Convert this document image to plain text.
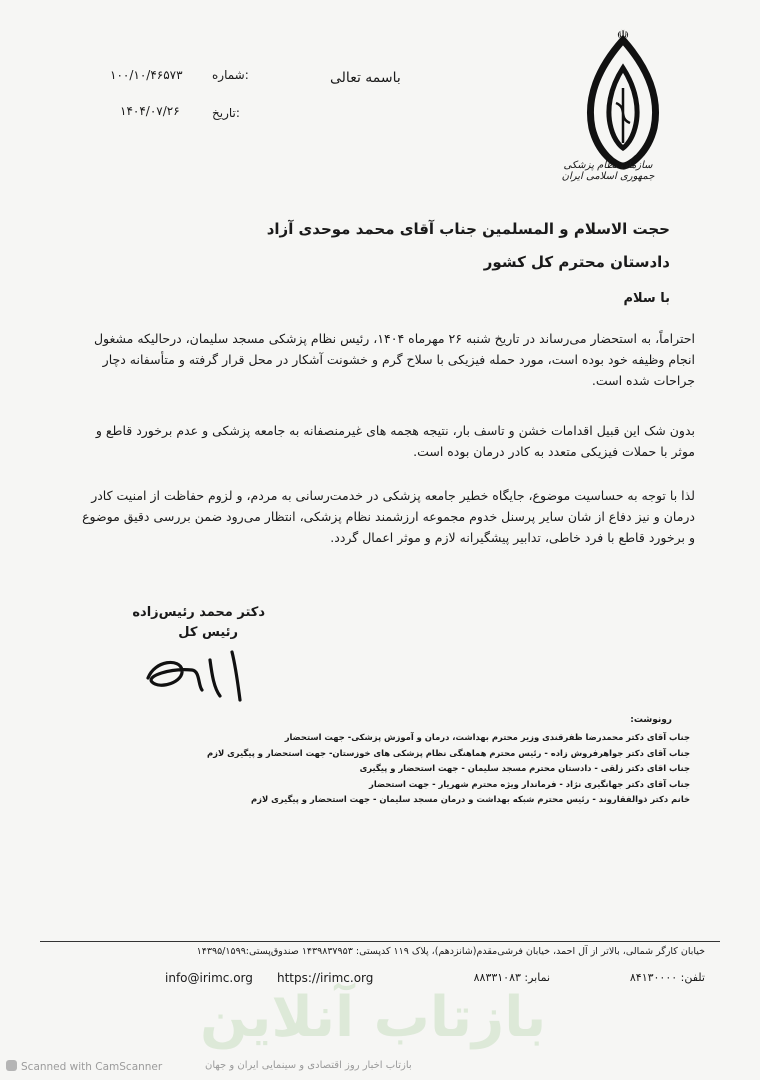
☫
سازمان نظام پزشکی جمهوری اسلامی ایران
باسمه تعالی
شماره:
۱۰۰/۱۰/۴۶۵۷۳
تاریخ:
۱۴۰۴/۰۷/۲۶
حجت الاسلام و المسلمین جناب آقای محمد موحدی آزاد
دادستان محترم کل کشور
با سلام
احتراماً، به استحضار می‌رساند در تاریخ شنبه ۲۶ مهرماه ۱۴۰۴، رئیس نظام پزشکی مسجد سلیمان، درحالیکه مشغول انجام وظیفه خود بوده است، مورد حمله فیزیکی با سلاح گرم و خشونت آشکار در محل قرار گرفته و متأسفانه دچار جراحات شده است.
بدون شک این قبیل اقدامات خشن و تاسف بار، نتیجه هجمه های غیرمنصفانه به جامعه پزشکی و عدم برخورد قاطع و موثر با حملات فیزیکی متعدد به کادر درمان بوده است.
لذا با توجه به حساسیت موضوع، جایگاه خطیر جامعه پزشکی در خدمت‌رسانی به مردم، و لزوم حفاظت از امنیت کادر درمان و نیز دفاع از شان سایر پرسنل خدوم مجموعه ارزشمند نظام پزشکی، انتظار می‌رود ضمن بررسی دقیق موضوع و برخورد قاطع با فرد خاطی، تدابیر پیشگیرانه لازم و موثر اعمال گردد.
دکتر محمد رئیس‌زاده
رئیس کل
رونوشت:
جناب آقای دکتر محمدرضا ظفرقندی وزیر محترم بهداشت، درمان و آموزش پزشکی- جهت استحضار
جناب آقای دکتر جواهرفروش زاده - رئیس محترم هماهنگی نظام پزشکی های خوزستان- جهت استحضار و پیگیری لازم
جناب اقای دکتر زلقی - دادستان محترم مسجد سلیمان - جهت استحضار و پیگیری
جناب آقای دکتر جهانگیری نژاد - فرماندار ویژه محترم شهریار - جهت استحضار
خانم دکتر ذوالفقاروند - رئیس محترم شبکه بهداشت و درمان مسجد سلیمان - جهت استحضار و پیگیری لازم
خیابان کارگر شمالی، بالاتر از آل احمد، خیابان فرشی‌مقدم(شانزدهم)، پلاک ۱۱۹ کدپستی: ۱۴۳۹۸۳۷۹۵۳ صندوق‌پستی:۱۴۳۹۵/۱۵۹۹
تلفن: ۸۴۱۳۰۰۰۰
نمابر: ۸۸۳۳۱۰۸۳
https://irimc.org
info@irimc.org
بازتاب آنلاین
بازتاب اخبار روز اقتصادی و سینمایی ایران و جهان
Scanned with CamScanner
